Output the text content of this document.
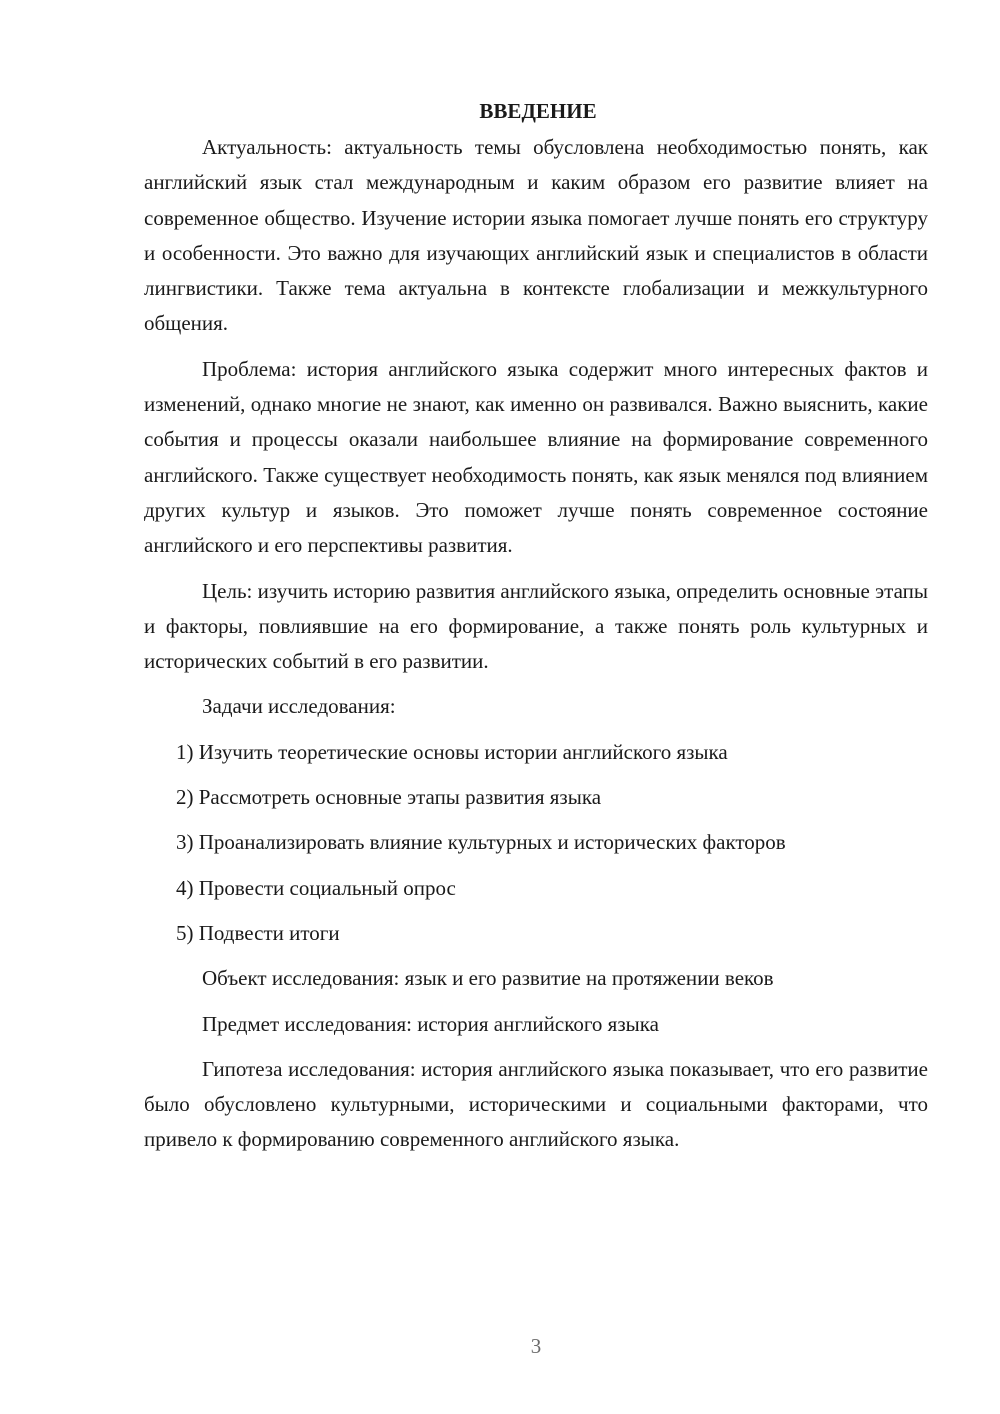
ВВЕДЕНИЕ

Актуальность: актуальность темы обусловлена необходимостью понять, как английский язык стал международным и каким образом его развитие влияет на современное общество. Изучение истории языка помогает лучше понять его структуру и особенности. Это важно для изучающих английский язык и специалистов в области лингвистики. Также тема актуальна в контексте глобализации и межкультурного общения.

Проблема: история английского языка содержит много интересных фактов и изменений, однако многие не знают, как именно он развивался. Важно выяснить, какие события и процессы оказали наибольшее влияние на формирование современного английского. Также существует необходимость понять, как язык менялся под влиянием других культур и языков. Это поможет лучше понять современное состояние английского и его перспективы развития.

Цель: изучить историю развития английского языка, определить основные этапы и факторы, повлиявшие на его формирование, а также понять роль культурных и исторических событий в его развитии.

Задачи исследования:
1) Изучить теоретические основы истории английского языка
2) Рассмотреть основные этапы развития языка
3) Проанализировать влияние культурных и исторических факторов
4) Провести социальный опрос
5) Подвести итоги
Объект исследования: язык и его развитие на протяжении веков
Предмет исследования: история английского языка

Гипотеза исследования: история английского языка показывает, что его развитие было обусловлено культурными, историческими и социальными факторами, что привело к формированию современного английского языка.

3
